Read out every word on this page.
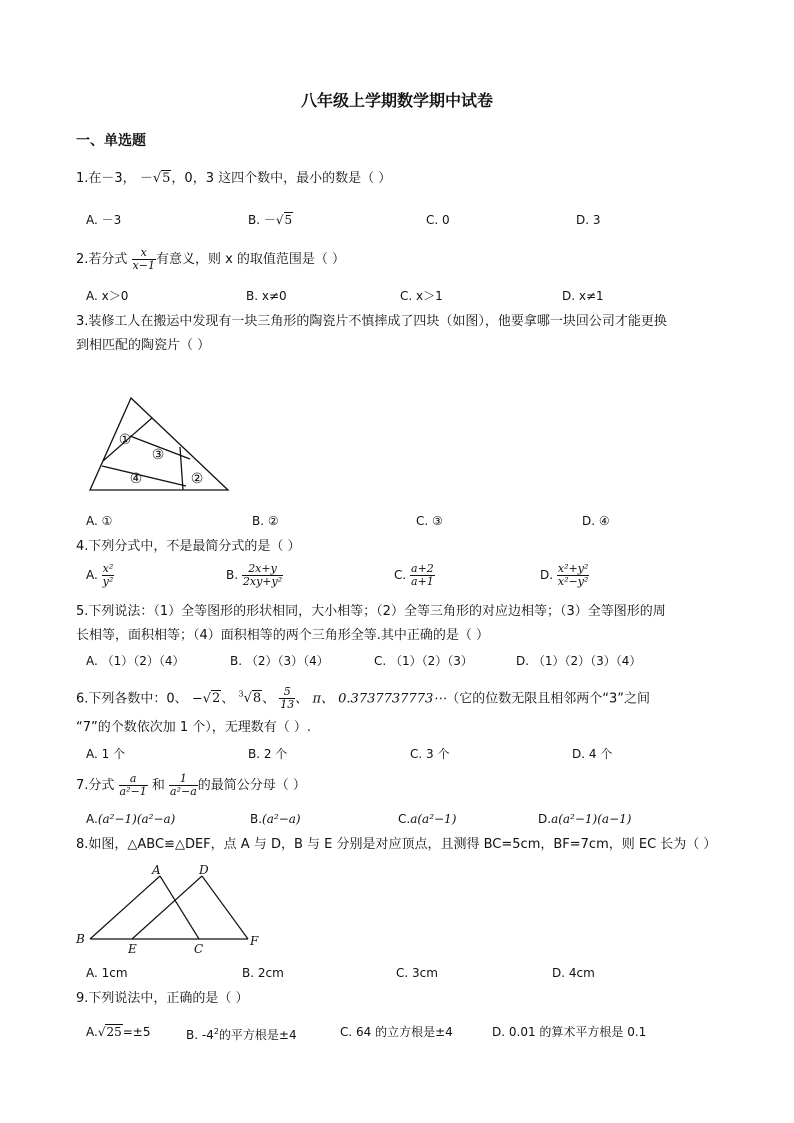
八年级上学期数学期中试卷
一、单选题
1.在－3， －√5，0，3 这四个数中，最小的数是（ ）
A. －3	B. －√5	C. 0	D. 3
2.若分式 $\frac{x}{x-1}$ 有意义，则 x 的取值范围是（ ）
A. x＞0	B. x≠0	C. x＞1	D. x≠1
3.装修工人在搬运中发现有一块三角形的陶瓷片不慎摔成了四块（如图），他要拿哪一块回公司才能更换
到相匹配的陶瓷片（ ）
①
③
④	②
A. ①	B. ②	C. ③	D. ④
4.下列分式中，不是最简分式的是（ ）
A. $\frac{\text{x²}}{\text{y²}}$	B. $\frac{2x+y}{\text{2xy+y²}}$	C. $\frac{a+2}{a+1}$	D. $\frac{\text{x²+y²}}{\text{x²−y²}}$
5.下列说法：（1）全等图形的形状相同，大小相等；（2）全等三角形的对应边相等；（3）全等图形的周
长相等，面积相等；（4）面积相等的两个三角形全等.其中正确的是（ ）
A. （1）（2）（4）	B. （2）（3）（4）	C. （1）（2）（3）	D. （1）（2）（3）（4）
6.下列各数中：0、 −√2、 $^3$√8、 $\frac{5}{13}$ 、 π、 0.3737737773⋯（它的位数无限且相邻两个“3”之间
“7”的个数依次加 1 个），无理数有（ ）.
A. 1 个	B. 2 个	C. 3 个	D. 4 个
7.分式 $\frac{a}{\text{a²−1}}$ 和 $\frac{1}{\text{a²−a}}$ 的最简公分母（ ）
A.(a²−1)(a²−a)	B.(a²−a)	C.a(a²−1)	D.a(a²−1)(a−1)
8.如图，△ABC≌△DEF，点 A 与 D，B 与 E 分别是对应顶点，且测得 BC=5cm，BF=7cm，则 EC 长为（ ）
A	D
B
E	C
F
A. 1cm	B. 2cm	C. 3cm	D. 4cm
9.下列说法中，正确的是（ ）
A.√25=±5	B. $-4^2$的平方根是±4	C. 64 的立方根是±4	D. 0.01 的算术平方根是 0.1
